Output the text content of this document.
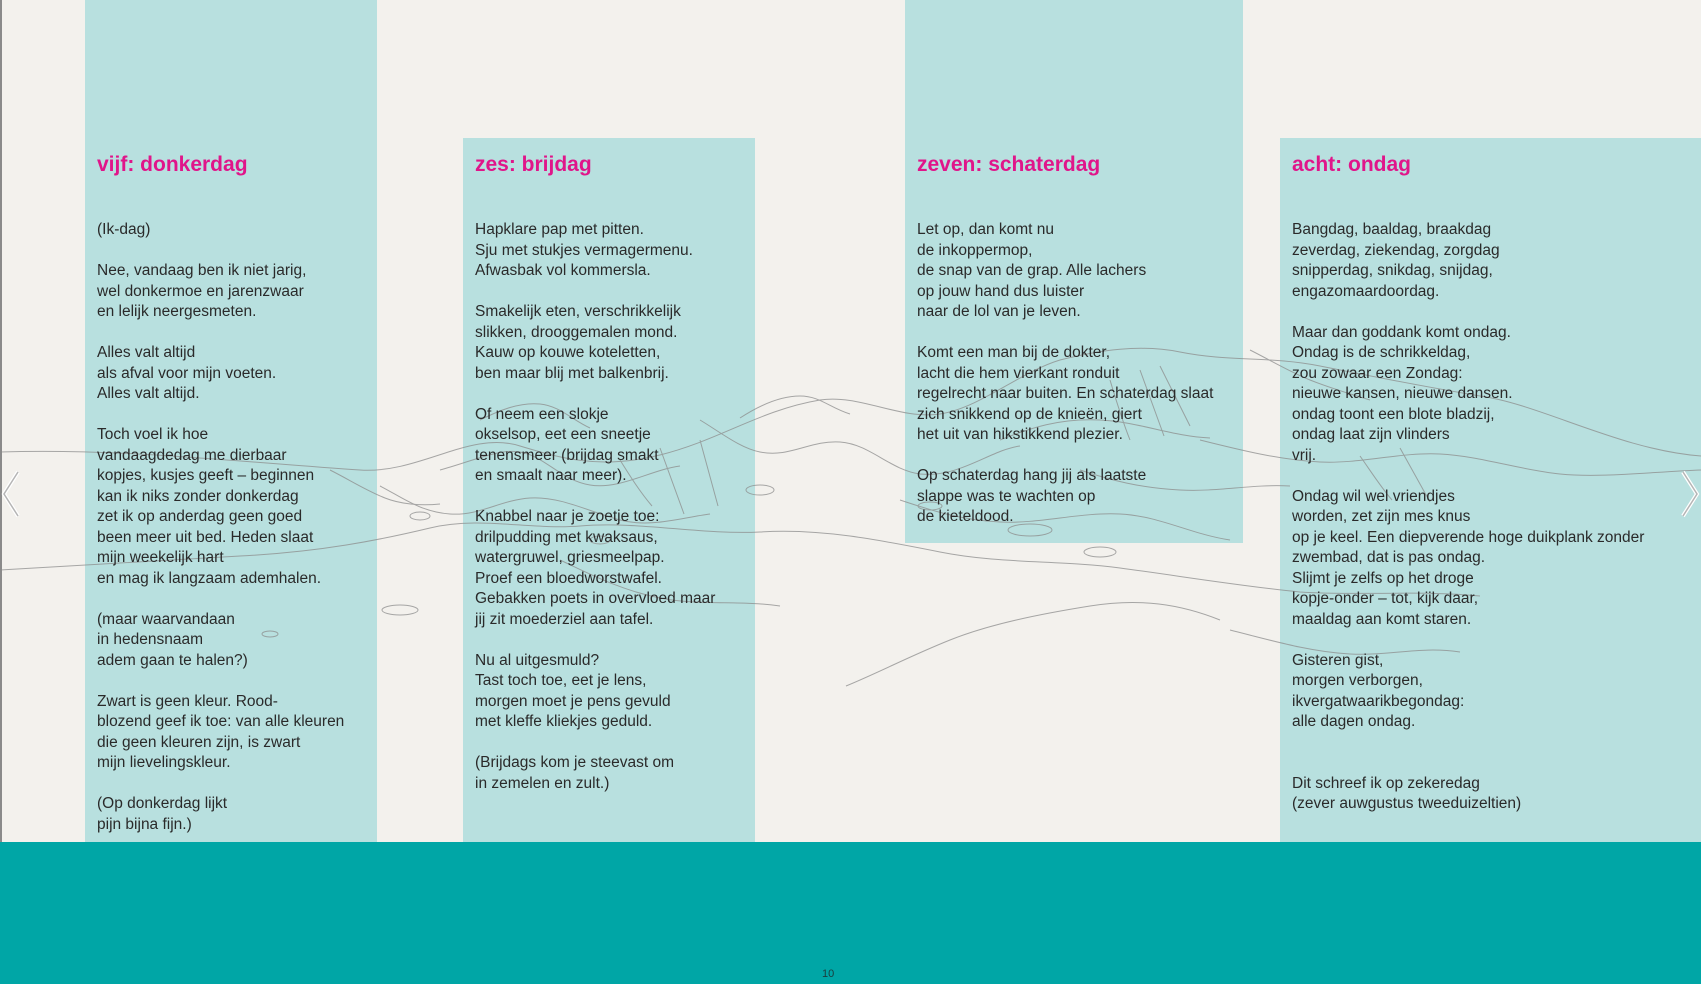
vijf: donkerdag
(Ik-dag)
Nee, vandaag ben ik niet jarig,
wel donkermoe en jarenzwaar
en lelijk neergesmeten.
Alles valt altijd
als afval voor mijn voeten.
Alles valt altijd.
Toch voel ik hoe
vandaagdedag me dierbaar
kopjes, kusjes geeft – beginnen
kan ik niks zonder donkerdag
zet ik op anderdag geen goed
been meer uit bed. Heden slaat
mijn weekelijk hart
en mag ik langzaam ademhalen.
(maar waarvandaan
in hedensnaam
adem gaan te halen?)
Zwart is geen kleur. Rood-
blozend geef ik toe: van alle kleuren
die geen kleuren zijn, is zwart
mijn lievelingskleur.
(Op donkerdag lijkt
pijn bijna fijn.)
zes: brijdag
Hapklare pap met pitten.
Sju met stukjes vermagermenu.
Afwasbak vol kommersla.
Smakelijk eten, verschrikkelijk
slikken, drooggemalen mond.
Kauw op kouwe koteletten,
ben maar blij met balkenbrij.
Of neem een slokje
okselsop, eet een sneetje
tenensmeer (brijdag smakt
en smaalt naar meer).
Knabbel naar je zoetje toe:
drilpudding met kwaksaus,
watergruwel, griesmeelpap.
Proef een bloedworstwafel.
Gebakken poets in overvloed maar
jij zit moederziel aan tafel.
Nu al uitgesmuld?
Tast toch toe, eet je lens,
morgen moet je pens gevuld
met kleffe kliekjes geduld.
(Brijdags kom je steevast om
in zemelen en zult.)
zeven: schaterdag
Let op, dan komt nu
de inkoppermop,
de snap van de grap. Alle lachers
op jouw hand dus luister
naar de lol van je leven.
Komt een man bij de dokter,
lacht die hem vierkant ronduit
regelrecht naar buiten. En schaterdag slaat
zich snikkend op de knieën, giert
het uit van hikstikkend plezier.
Op schaterdag hang jij als laatste
slappe was te wachten op
de kieteldood.
acht: ondag
Bangdag, baaldag, braakdag
zeverdag, ziekendag, zorgdag
snipperdag, snikdag, snijdag,
engazomaardoordag.
Maar dan goddank komt ondag.
Ondag is de schrikkeldag,
zou zowaar een Zondag:
nieuwe kansen, nieuwe dansen.
ondag toont een blote bladzij,
ondag laat zijn vlinders
vrij.
Ondag wil wel vriendjes
worden, zet zijn mes knus
op je keel. Een diepverende hoge duikplank zonder
zwembad, dat is pas ondag.
Slijmt je zelfs op het droge
kopje-onder – tot, kijk daar,
maaldag aan komt staren.
Gisteren gist,
morgen verborgen,
ikvergatwaarikbegondag:
alle dagen ondag.
Dit schreef ik op zekeredag
(zever auwgustus tweeduizeltien)
10
